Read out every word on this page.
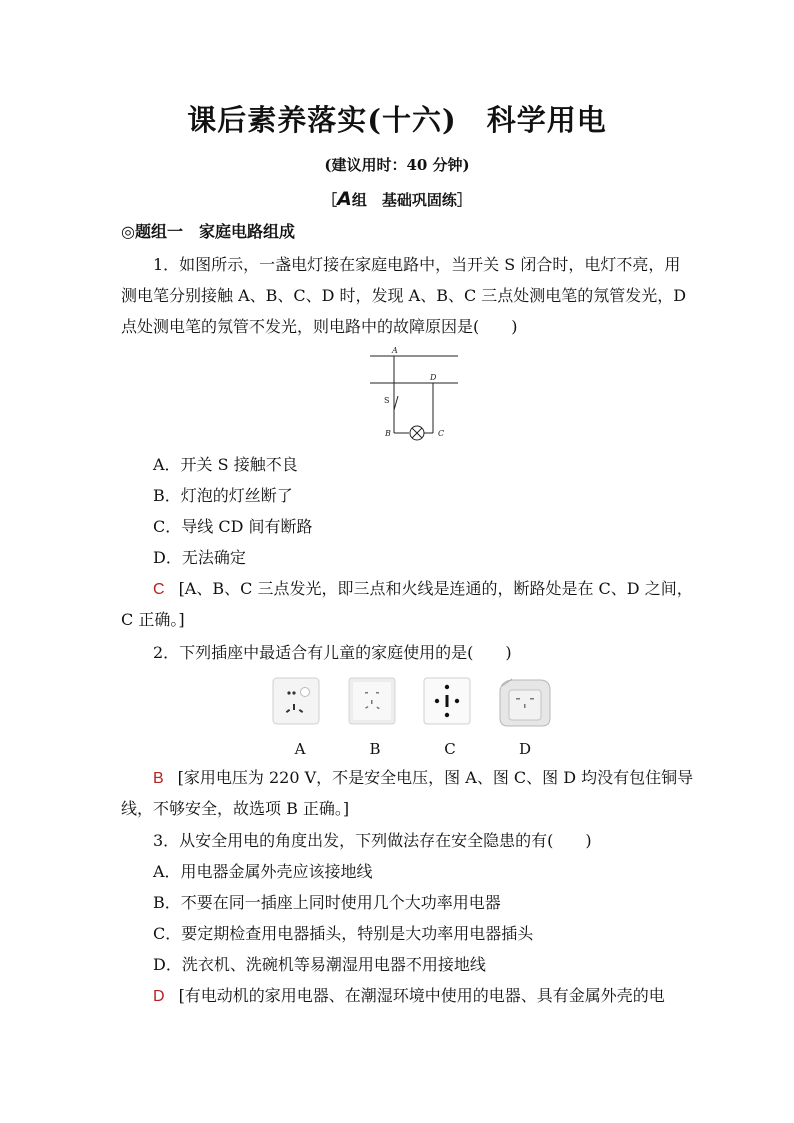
课后素养落实(十六)　科学用电
(建议用时：40 分钟)
［A组　基础巩固练］
◎题组一　家庭电路组成
1．如图所示，一盏电灯接在家庭电路中，当开关 S 闭合时，电灯不亮，用
测电笔分别接触 A、B、C、D 时，发现 A、B、C 三点处测电笔的氖管发光，D
点处测电笔的氖管不发光，则电路中的故障原因是(　　)
A
D
S
B	C
A．开关 S 接触不良
B．灯泡的灯丝断了
C．导线 CD 间有断路
D．无法确定
C [A、B、C 三点发光，即三点和火线是连通的，断路处是在 C、D 之间，
C 正确。]
2．下列插座中最适合有儿童的家庭使用的是(　　)
A	B	C	D
B [家用电压为 220 V，不是安全电压，图 A、图 C、图 D 均没有包住铜导
线，不够安全，故选项 B 正确。]
3．从安全用电的角度出发，下列做法存在安全隐患的有(　　)
A．用电器金属外壳应该接地线
B．不要在同一插座上同时使用几个大功率用电器
C．要定期检查用电器插头，特别是大功率用电器插头
D．洗衣机、洗碗机等易潮湿用电器不用接地线
D [有电动机的家用电器、在潮湿环境中使用的电器、具有金属外壳的电
